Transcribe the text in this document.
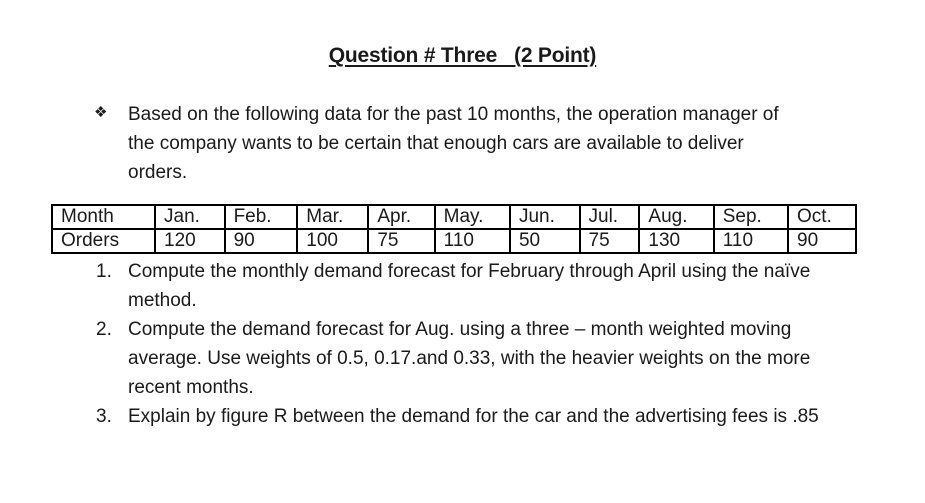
Question # Three   (2 Point)
❖ Based on the following data for the past 10 months, the operation manager of the company wants to be certain that enough cars are available to deliver orders.
Month	Jan.	Feb.	Mar.	Apr.	May.	Jun.	Jul.	Aug.	Sep.	Oct.
Orders	120	90	100	75	110	50	75	130	110	90
1. Compute the monthly demand forecast for February through April using the naïve method.
2. Compute the demand forecast for Aug. using a three – month weighted moving average. Use weights of 0.5, 0.17.and 0.33, with the heavier weights on the more recent months.
3. Explain by figure R between the demand for the car and the advertising fees is .85
